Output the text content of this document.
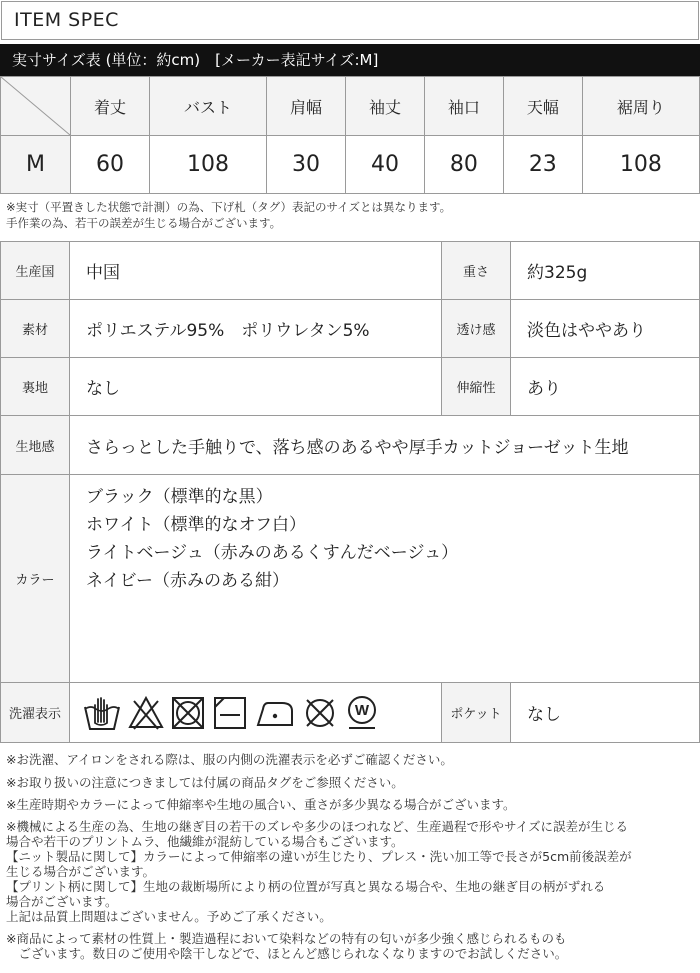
ITEM SPEC
実寸サイズ表 (単位：約cm)　[メーカー表記サイズ:M]
	着丈	バスト	肩幅	袖丈	袖口	天幅	裾周り
M	60	108	30	40	80	23	108
※実寸（平置きした状態で計測）の為、下げ札（タグ）表記のサイズとは異なります。
手作業の為、若干の誤差が生じる場合がございます。
生産国	中国	重さ	約325g
素材	ポリエステル95%　ポリウレタン5%	透け感	淡色はややあり
裏地	なし	伸縮性	あり
生地感	さらっとした手触りで、落ち感のあるやや厚手カットジョーゼット生地		
カラー	ブラック（標準的な黒）
ホワイト（標準的なオフ白）
ライトベージュ（赤みのあるくすんだベージュ）
ネイビー（赤みのある紺）		

洗濯表示	W	ポケット	なし
※お洗濯、アイロンをされる際は、服の内側の洗濯表示を必ずご確認ください。
※お取り扱いの注意につきましては付属の商品タグをご参照ください。
※生産時期やカラーによって伸縮率や生地の風合い、重さが多少異なる場合がございます。
※機械による生産の為、生地の継ぎ目の若干のズレや多少のほつれなど、生産過程で形やサイズに誤差が生じる
場合や若干のプリントムラ、他繊維が混紡している場合もございます。
【ニット製品に関して】カラーによって伸縮率の違いが生じたり、プレス・洗い加工等で長さが5cm前後誤差が
生じる場合がございます。
【プリント柄に関して】生地の裁断場所により柄の位置が写真と異なる場合や、生地の継ぎ目の柄がずれる
場合がございます。
上記は品質上問題はございません。予めご了承ください。
※商品によって素材の性質上・製造過程において染料などの特有の匂いが多少強く感じられるものも
　ございます。数日のご使用や陰干しなどで、ほとんど感じられなくなりますのでお試しください。
